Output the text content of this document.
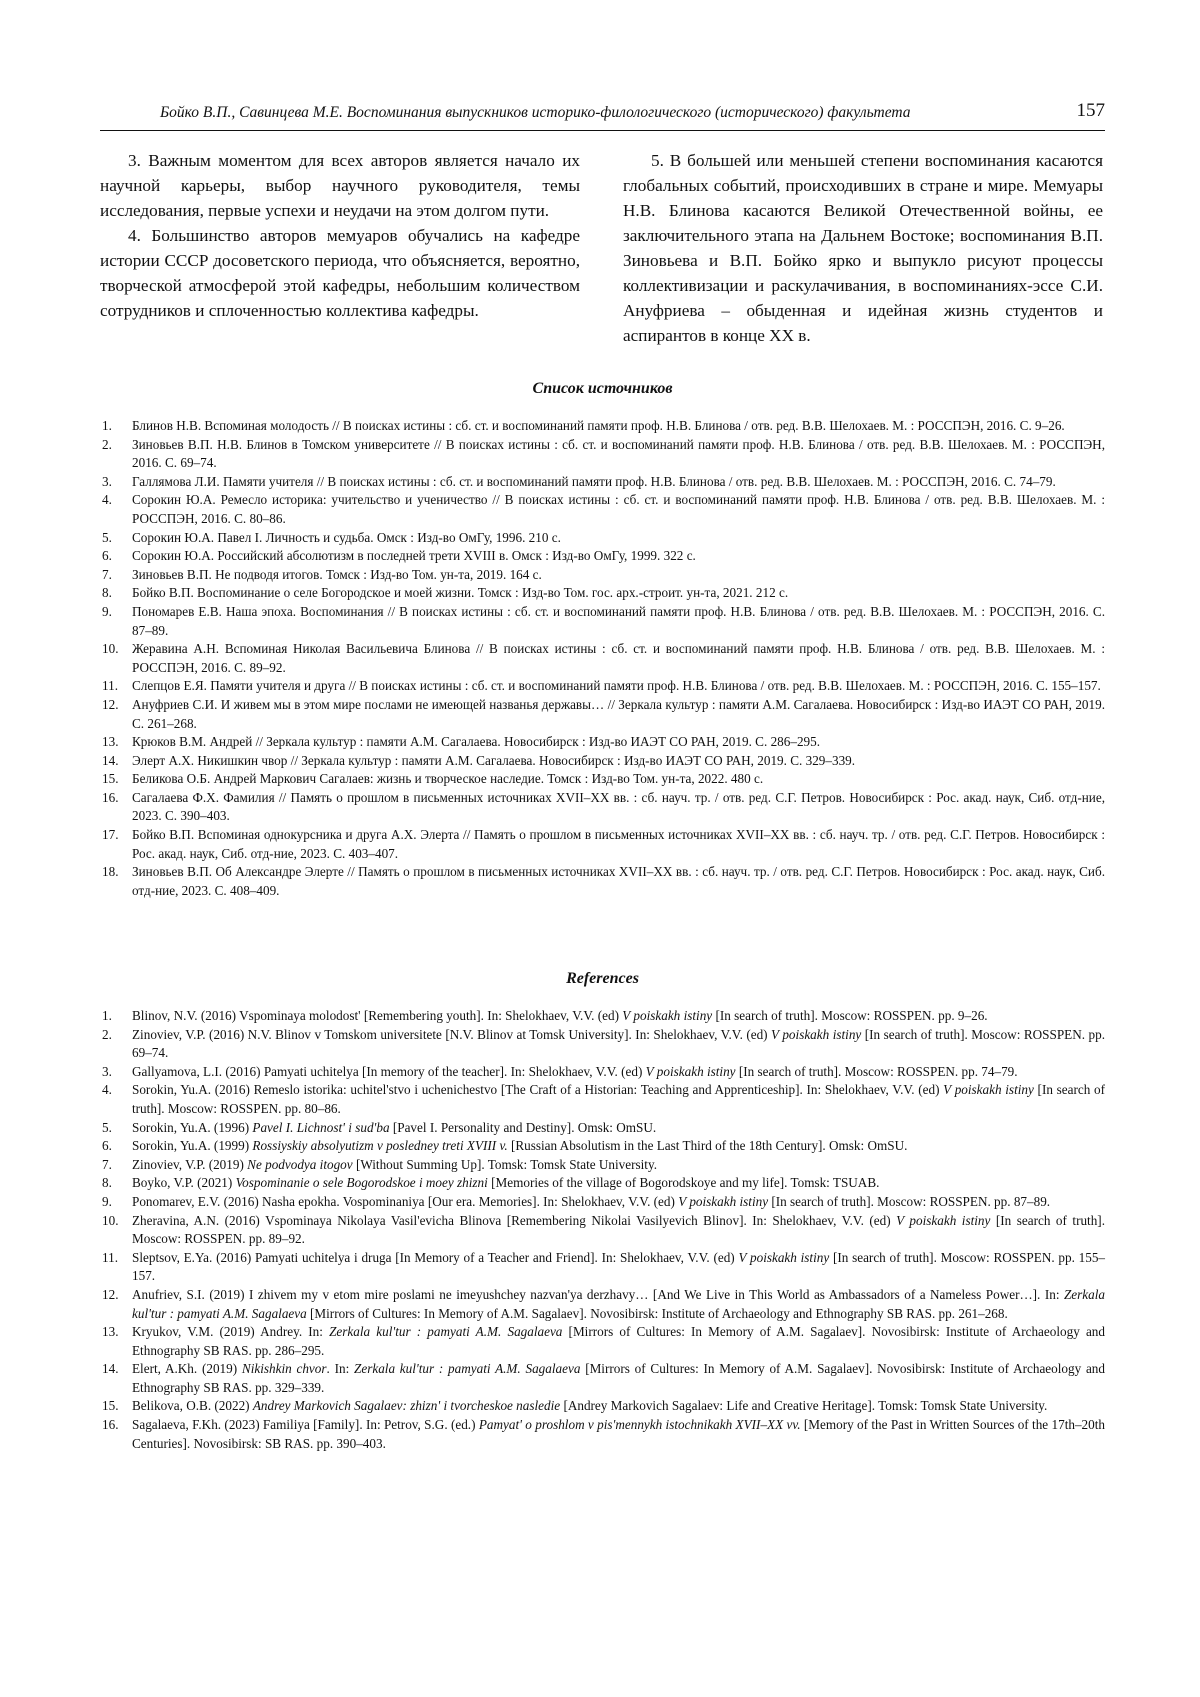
Бойко В.П., Савинцева М.Е. Воспоминания выпускников историко-филологического (исторического) факультета	157

3. Важным моментом для всех авторов является начало их научной карьеры, выбор научного руководителя, темы исследования, первые успехи и неудачи на этом долгом пути.

4. Большинство авторов мемуаров обучались на кафедре истории СССР досоветского периода, что объясняется, вероятно, творческой атмосферой этой кафедры, небольшим количеством сотрудников и сплоченностью коллектива кафедры.

5. В большей или меньшей степени воспоминания касаются глобальных событий, происходивших в стране и мире. Мемуары Н.В. Блинова касаются Великой Отечественной войны, ее заключительного этапа на Дальнем Востоке; воспоминания В.П. Зиновьева и В.П. Бойко ярко и выпукло рисуют процессы коллективизации и раскулачивания, в воспоминаниях-эссе С.И. Ануфриева – обыденная и идейная жизнь студентов и аспирантов в конце XX в.

Список источников
1. Блинов Н.В. Вспоминая молодость // В поисках истины : сб. ст. и воспоминаний памяти проф. Н.В. Блинова / отв. ред. В.В. Шелохаев. М. : РОССПЭН, 2016. С. 9–26.
2. Зиновьев В.П. Н.В. Блинов в Томском университете // В поисках истины : сб. ст. и воспоминаний памяти проф. Н.В. Блинова / отв. ред. В.В. Шелохаев. М. : РОССПЭН, 2016. С. 69–74.
3. Галлямова Л.И. Памяти учителя // В поисках истины : сб. ст. и воспоминаний памяти проф. Н.В. Блинова / отв. ред. В.В. Шелохаев. М. : РОССПЭН, 2016. С. 74–79.
4. Сорокин Ю.А. Ремесло историка: учительство и ученичество // В поисках истины : сб. ст. и воспоминаний памяти проф. Н.В. Блинова / отв. ред. В.В. Шелохаев. М. : РОССПЭН, 2016. С. 80–86.
5. Сорокин Ю.А. Павел I. Личность и судьба. Омск : Изд-во ОмГу, 1996. 210 с.
6. Сорокин Ю.А. Российский абсолютизм в последней трети XVIII в. Омск : Изд-во ОмГу, 1999. 322 с.
7. Зиновьев В.П. Не подводя итогов. Томск : Изд-во Том. ун-та, 2019. 164 с.
8. Бойко В.П. Воспоминание о селе Богородское и моей жизни. Томск : Изд-во Том. гос. арх.-строит. ун-та, 2021. 212 с.
9. Пономарев Е.В. Наша эпоха. Воспоминания // В поисках истины : сб. ст. и воспоминаний памяти проф. Н.В. Блинова / отв. ред. В.В. Шелохаев. М. : РОССПЭН, 2016. С. 87–89.
10. Жеравина А.Н. Вспоминая Николая Васильевича Блинова // В поисках истины : сб. ст. и воспоминаний памяти проф. Н.В. Блинова / отв. ред. В.В. Шелохаев. М. : РОССПЭН, 2016. С. 89–92.
11. Слепцов Е.Я. Памяти учителя и друга // В поисках истины : сб. ст. и воспоминаний памяти проф. Н.В. Блинова / отв. ред. В.В. Шелохаев. М. : РОССПЭН, 2016. С. 155–157.
12. Ануфриев С.И. И живем мы в этом мире послами не имеющей названья державы… // Зеркала культур : памяти А.М. Сагалаева. Новосибирск : Изд-во ИАЭТ СО РАН, 2019. С. 261–268.
13. Крюков В.М. Андрей // Зеркала культур : памяти А.М. Сагалаева. Новосибирск : Изд-во ИАЭТ СО РАН, 2019. С. 286–295.
14. Элерт А.Х. Никишкин чвор // Зеркала культур : памяти А.М. Сагалаева. Новосибирск : Изд-во ИАЭТ СО РАН, 2019. С. 329–339.
15. Беликова О.Б. Андрей Маркович Сагалаев: жизнь и творческое наследие. Томск : Изд-во Том. ун-та, 2022. 480 с.
16. Сагалаева Ф.Х. Фамилия // Память о прошлом в письменных источниках XVII–XX вв. : сб. науч. тр. / отв. ред. С.Г. Петров. Новосибирск : Рос. акад. наук, Сиб. отд-ние, 2023. С. 390–403.
17. Бойко В.П. Вспоминая однокурсника и друга А.Х. Элерта // Память о прошлом в письменных источниках XVII–XX вв. : сб. науч. тр. / отв. ред. С.Г. Петров. Новосибирск : Рос. акад. наук, Сиб. отд-ние, 2023. С. 403–407.
18. Зиновьев В.П. Об Александре Элерте // Память о прошлом в письменных источниках XVII–XX вв. : сб. науч. тр. / отв. ред. С.Г. Петров. Новосибирск : Рос. акад. наук, Сиб. отд-ние, 2023. С. 408–409.
References
1. Blinov, N.V. (2016) Vspominaya molodost' [Remembering youth]. In: Shelokhaev, V.V. (ed) V poiskakh istiny [In search of truth]. Moscow: ROSSPEN. pp. 9–26.
2. Zinoviev, V.P. (2016) N.V. Blinov v Tomskom universitete [N.V. Blinov at Tomsk University]. In: Shelokhaev, V.V. (ed) V poiskakh istiny [In search of truth]. Moscow: ROSSPEN. pp. 69–74.
3. Gallyamova, L.I. (2016) Pamyati uchitelya [In memory of the teacher]. In: Shelokhaev, V.V. (ed) V poiskakh istiny [In search of truth]. Moscow: ROSSPEN. pp. 74–79.
4. Sorokin, Yu.A. (2016) Remeslo istorika: uchitel'stvo i uchenichestvo [The Craft of a Historian: Teaching and Apprenticeship]. In: Shelokhaev, V.V. (ed) V poiskakh istiny [In search of truth]. Moscow: ROSSPEN. pp. 80–86.
5. Sorokin, Yu.A. (1996) Pavel I. Lichnost' i sud'ba [Pavel I. Personality and Destiny]. Omsk: OmSU.
6. Sorokin, Yu.A. (1999) Rossiyskiy absolyutizm v posledney treti XVIII v. [Russian Absolutism in the Last Third of the 18th Century]. Omsk: OmSU.
7. Zinoviev, V.P. (2019) Ne podvodya itogov [Without Summing Up]. Tomsk: Tomsk State University.
8. Boyko, V.P. (2021) Vospominanie o sele Bogorodskoe i moey zhizni [Memories of the village of Bogorodskoye and my life]. Tomsk: TSUAB.
9. Ponomarev, E.V. (2016) Nasha epokha. Vospominaniya [Our era. Memories]. In: Shelokhaev, V.V. (ed) V poiskakh istiny [In search of truth]. Moscow: ROSSPEN. pp. 87–89.
10. Zheravina, A.N. (2016) Vspominaya Nikolaya Vasil'evicha Blinova [Remembering Nikolai Vasilyevich Blinov]. In: Shelokhaev, V.V. (ed) V poiskakh istiny [In search of truth]. Moscow: ROSSPEN. pp. 89–92.
11. Sleptsov, E.Ya. (2016) Pamyati uchitelya i druga [In Memory of a Teacher and Friend]. In: Shelokhaev, V.V. (ed) V poiskakh istiny [In search of truth]. Moscow: ROSSPEN. pp. 155–157.
12. Anufriev, S.I. (2019) I zhivem my v etom mire poslami ne imeyushchey nazvan'ya derzhavy… [And We Live in This World as Ambassadors of a Nameless Power…]. In: Zerkala kul'tur : pamyati A.M. Sagalaeva [Mirrors of Cultures: In Memory of A.M. Sagalaev]. Novosibirsk: Institute of Archaeology and Ethnography SB RAS. pp. 261–268.
13. Kryukov, V.M. (2019) Andrey. In: Zerkala kul'tur : pamyati A.M. Sagalaeva [Mirrors of Cultures: In Memory of A.M. Sagalaev]. Novosibirsk: Institute of Archaeology and Ethnography SB RAS. pp. 286–295.
14. Elert, A.Kh. (2019) Nikishkin chvor. In: Zerkala kul'tur : pamyati A.M. Sagalaeva [Mirrors of Cultures: In Memory of A.M. Sagalaev]. Novosibirsk: Institute of Archaeology and Ethnography SB RAS. pp. 329–339.
15. Belikova, O.B. (2022) Andrey Markovich Sagalaev: zhizn' i tvorcheskoe nasledie [Andrey Markovich Sagalaev: Life and Creative Heritage]. Tomsk: Tomsk State University.
16. Sagalaeva, F.Kh. (2023) Familiya [Family]. In: Petrov, S.G. (ed.) Pamyat' o proshlom v pis'mennykh istochnikakh XVII–XX vv. [Memory of the Past in Written Sources of the 17th–20th Centuries]. Novosibirsk: SB RAS. pp. 390–403.
